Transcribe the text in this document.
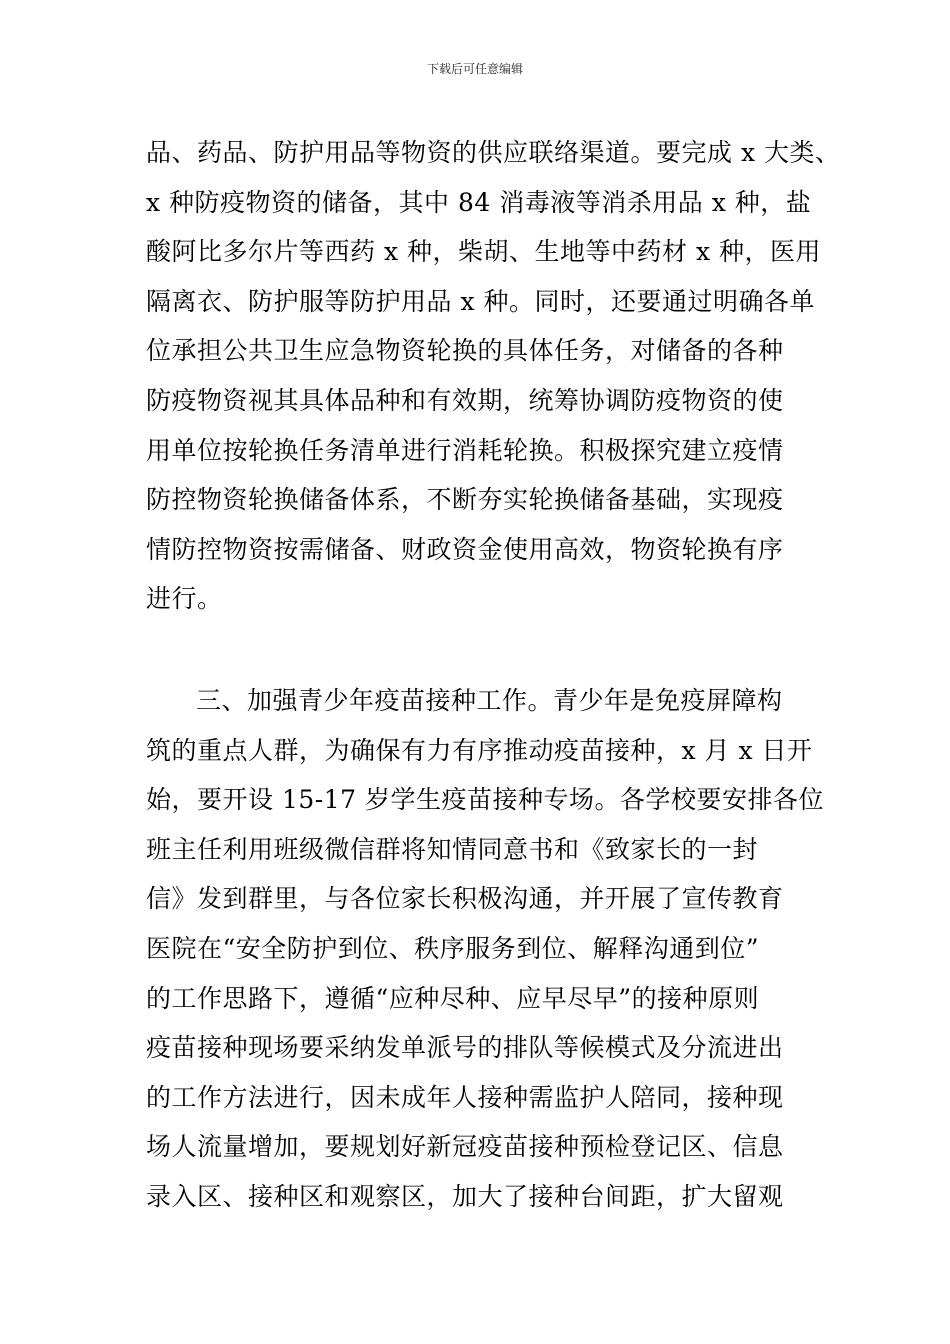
下载后可任意编辑
品、药品、防护用品等物资的供应联络渠道。要完成 x 大类、
x 种防疫物资的储备，其中 84 消毒液等消杀用品 x 种，盐
酸阿比多尔片等西药 x 种，柴胡、生地等中药材 x 种，医用
隔离衣、防护服等防护用品 x 种。同时，还要通过明确各单
位承担公共卫生应急物资轮换的具体任务，对储备的各种
防疫物资视其具体品种和有效期，统筹协调防疫物资的使
用单位按轮换任务清单进行消耗轮换。积极探究建立疫情
防控物资轮换储备体系，不断夯实轮换储备基础，实现疫
情防控物资按需储备、财政资金使用高效，物资轮换有序
进行。
三、加强青少年疫苗接种工作。青少年是免疫屏障构
筑的重点人群，为确保有力有序推动疫苗接种，x 月 x 日开
始，要开设 15-17 岁学生疫苗接种专场。各学校要安排各位
班主任利用班级微信群将知情同意书和《致家长的一封
信》发到群里，与各位家长积极沟通，并开展了宣传教育
医院在“安全防护到位、秩序服务到位、解释沟通到位”
的工作思路下，遵循“应种尽种、应早尽早”的接种原则
疫苗接种现场要采纳发单派号的排队等候模式及分流进出
的工作方法进行，因未成年人接种需监护人陪同，接种现
场人流量增加，要规划好新冠疫苗接种预检登记区、信息
录入区、接种区和观察区，加大了接种台间距，扩大留观
